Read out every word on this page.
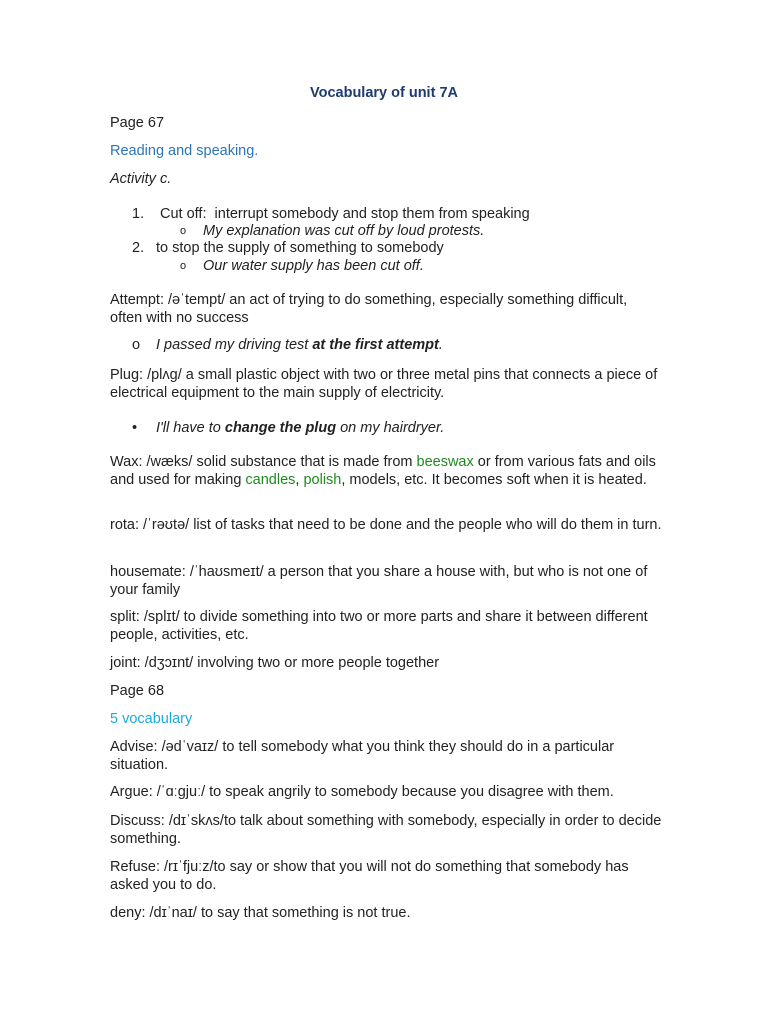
Vocabulary of unit 7A
Page 67
Reading and speaking.
Activity c.
1. Cut off: interrupt somebody and stop them from speaking
o My explanation was cut off by loud protests.
2. to stop the supply of something to somebody
o Our water supply has been cut off.
Attempt: /əˈtempt/ an act of trying to do something, especially something difficult, often with no success
o I passed my driving test at the first attempt.
Plug: /plʌg/ a small plastic object with two or three metal pins that connects a piece of electrical equipment to the main supply of electricity.
• I'll have to change the plug on my hairdryer.
Wax: /wæks/ solid substance that is made from beeswax or from various fats and oils and used for making candles, polish, models, etc. It becomes soft when it is heated.
rota: /ˈrəʊtə/ list of tasks that need to be done and the people who will do them in turn.
housemate: /ˈhaʊsmeɪt/ a person that you share a house with, but who is not one of your family
split: /splɪt/ to divide something into two or more parts and share it between different people, activities, etc.
joint: /dʒɔɪnt/ involving two or more people together
Page 68
5 vocabulary
Advise: /ədˈvaɪz/ to tell somebody what you think they should do in a particular situation.
Argue: /ˈɑːgjuː/ to speak angrily to somebody because you disagree with them.
Discuss: /dɪˈskʌs/to talk about something with somebody, especially in order to decide something.
Refuse: /rɪˈfjuːz/to say or show that you will not do something that somebody has asked you to do.
deny: /dɪˈnaɪ/ to say that something is not true.
